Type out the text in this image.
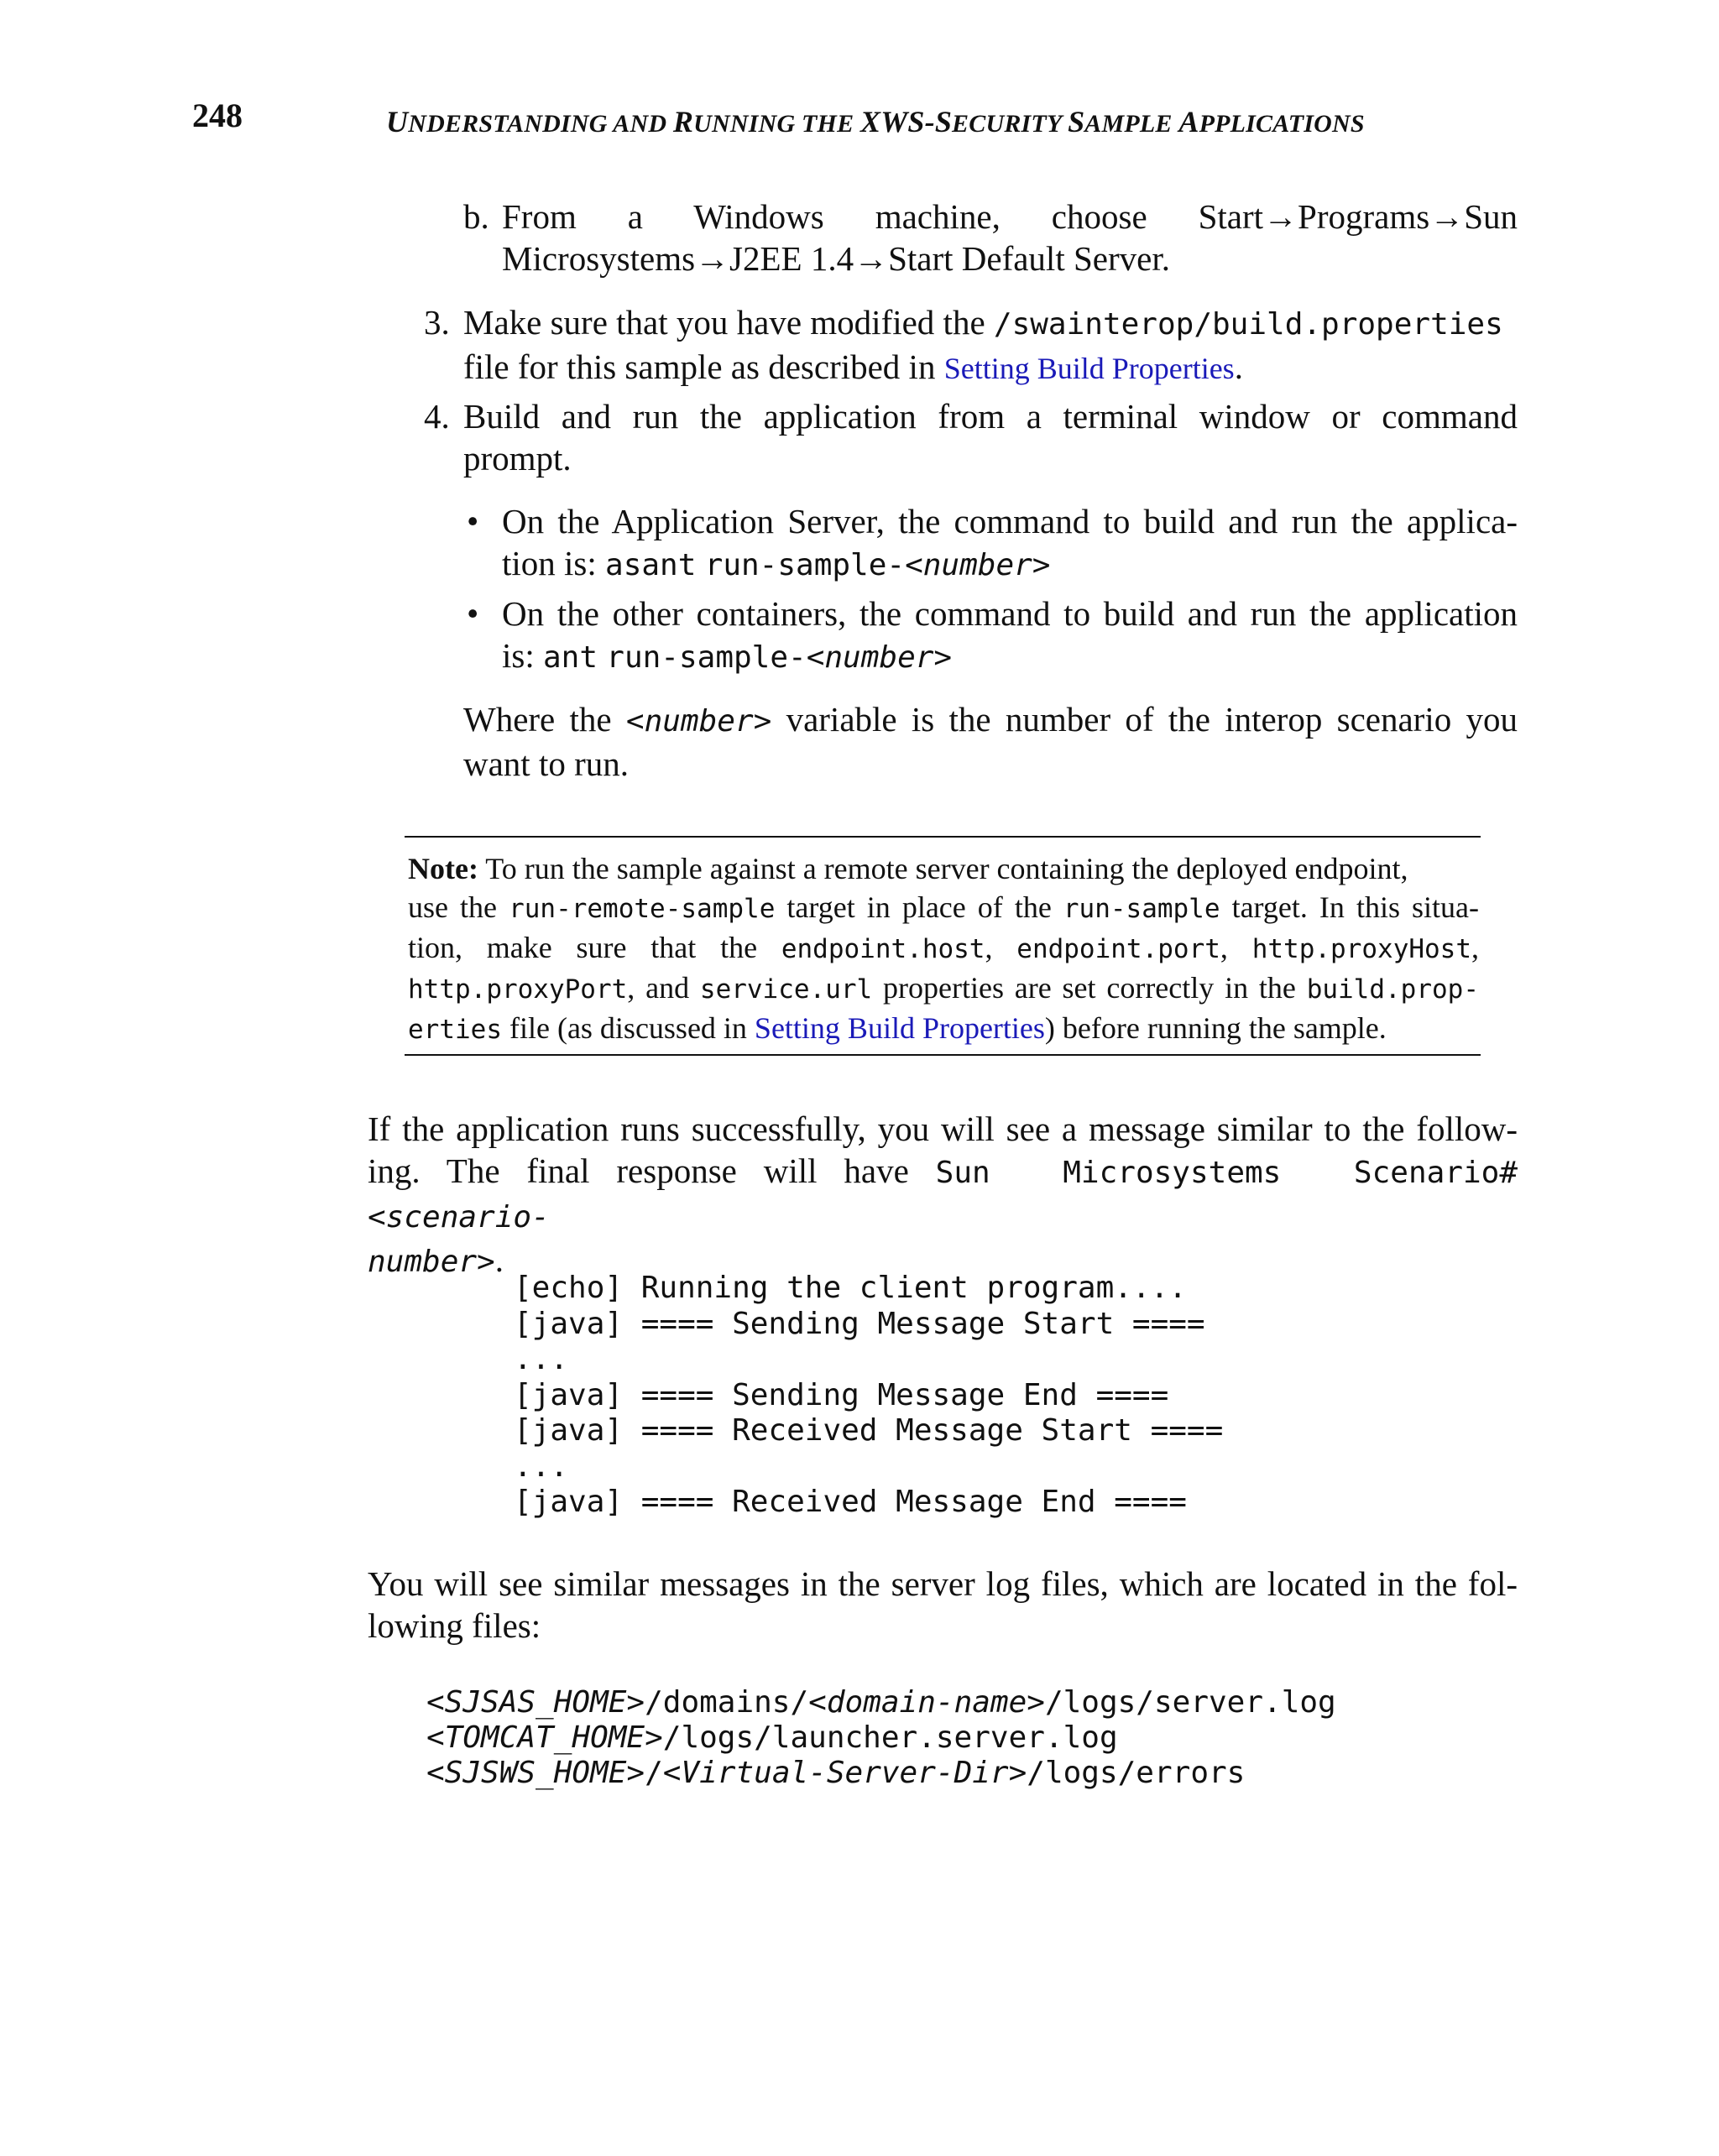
248	UNDERSTANDING AND RUNNING THE XWS-SECURITY SAMPLE APPLICATIONS
b. From a Windows machine, choose Start→Programs→Sun

Microsystems→J2EE 1.4→Start Default Server.

3. Make sure that you have modified the /swainterop/build.properties

file for this sample as described in Setting Build Properties.

4. Build and run the application from a terminal window or command

prompt.

• On the Application Server, the command to build and run the applica-

tion is: asant run-sample-<number>

• On the other containers, the command to build and run the application

is: ant run-sample-<number>

Where the <number> variable is the number of the interop scenario you

want to run.

Note: To run the sample against a remote server containing the deployed endpoint,

use the run-remote-sample target in place of the run-sample target. In this situa-

tion, make sure that the endpoint.host, endpoint.port, http.proxyHost,

http.proxyPort, and service.url properties are set correctly in the build.prop-

erties file (as discussed in Setting Build Properties) before running the sample.

If the application runs successfully, you will see a message similar to the follow-

ing. The final response will have Sun  Microsystems  Scenario#<scenario-

number>.

[echo] Running the client program....
[java] ==== Sending Message Start ====
...
[java] ==== Sending Message End ====
[java] ==== Received Message Start ====
...
[java] ==== Received Message End ====

You will see similar messages in the server log files, which are located in the fol-

lowing files:

<SJSAS_HOME>/domains/<domain-name>/logs/server.log
<TOMCAT_HOME>/logs/launcher.server.log
<SJSWS_HOME>/<Virtual-Server-Dir>/logs/errors
